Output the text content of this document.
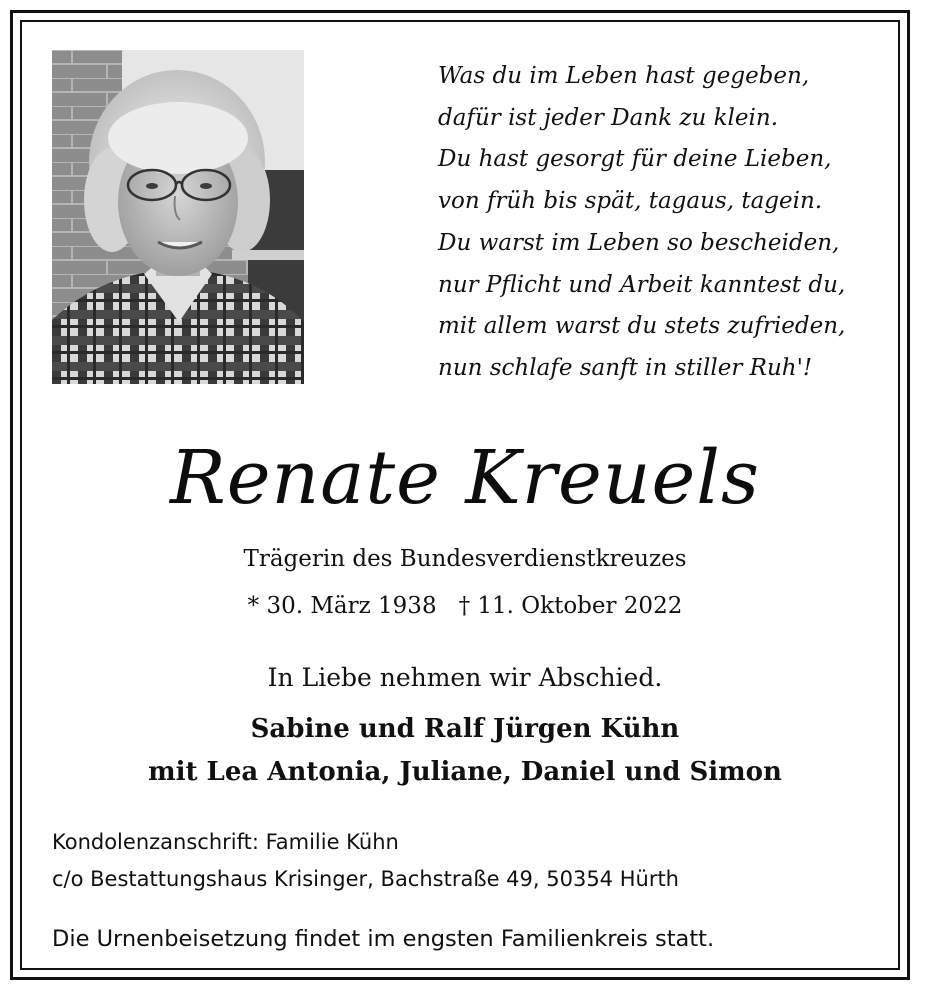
Was du im Leben hast gegeben,
dafür ist jeder Dank zu klein.
Du hast gesorgt für deine Lieben,
von früh bis spät, tagaus, tagein.
Du warst im Leben so bescheiden,
nur Pflicht und Arbeit kanntest du,
mit allem warst du stets zufrieden,
nun schlafe sanft in stiller Ruh'!
Renate Kreuels
Trägerin des Bundesverdienstkreuzes
* 30. März 1938 † 11. Oktober 2022
In Liebe nehmen wir Abschied.
Sabine und Ralf Jürgen Kühn
mit Lea Antonia, Juliane, Daniel und Simon
Kondolenzanschrift: Familie Kühn
c/o Bestattungshaus Krisinger, Bachstraße 49, 50354 Hürth
Die Urnenbeisetzung findet im engsten Familienkreis statt.
